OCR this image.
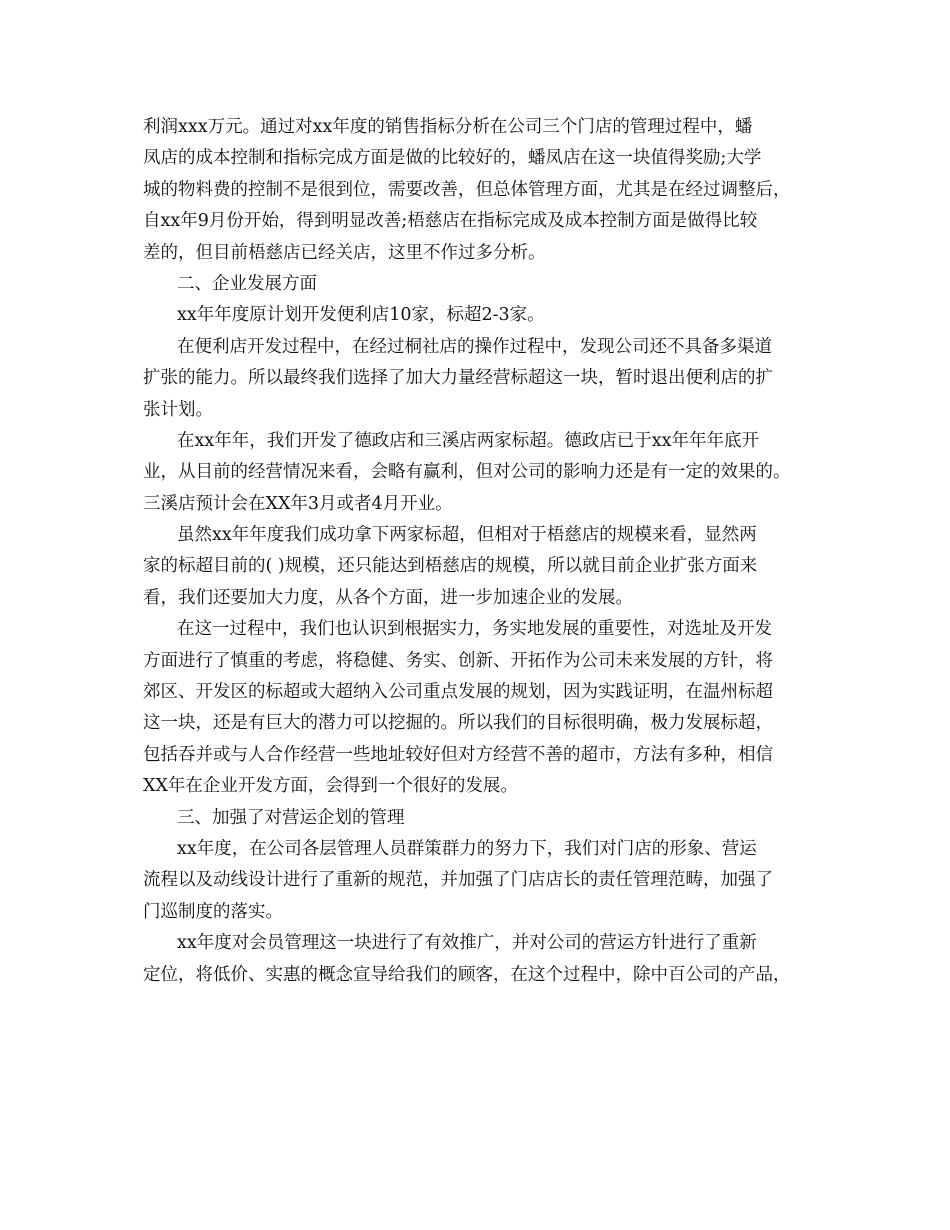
利润xxx万元。通过对xx年度的销售指标分析在公司三个门店的管理过程中，蟠
凤店的成本控制和指标完成方面是做的比较好的，蟠凤店在这一块值得奖励;大学
城的物料费的控制不是很到位，需要改善，但总体管理方面，尤其是在经过调整后，
自xx年9月份开始，得到明显改善;梧慈店在指标完成及成本控制方面是做得比较
差的，但目前梧慈店已经关店，这里不作过多分析。
二、企业发展方面
xx年年度原计划开发便利店10家，标超2-3家。
在便利店开发过程中，在经过桐社店的操作过程中，发现公司还不具备多渠道
扩张的能力。所以最终我们选择了加大力量经营标超这一块，暂时退出便利店的扩
张计划。
在xx年年，我们开发了德政店和三溪店两家标超。德政店已于xx年年年底开
业，从目前的经营情况来看，会略有赢利，但对公司的影响力还是有一定的效果的。
三溪店预计会在XX年3月或者4月开业。
虽然xx年年度我们成功拿下两家标超，但相对于梧慈店的规模来看，显然两
家的标超目前的( )规模，还只能达到梧慈店的规模，所以就目前企业扩张方面来
看，我们还要加大力度，从各个方面，进一步加速企业的发展。
在这一过程中，我们也认识到根据实力，务实地发展的重要性，对选址及开发
方面进行了慎重的考虑，将稳健、务实、创新、开拓作为公司未来发展的方针，将
郊区、开发区的标超或大超纳入公司重点发展的规划，因为实践证明，在温州标超
这一块，还是有巨大的潜力可以挖掘的。所以我们的目标很明确，极力发展标超，
包括吞并或与人合作经营一些地址较好但对方经营不善的超市，方法有多种，相信
XX年在企业开发方面，会得到一个很好的发展。
三、加强了对营运企划的管理
xx年度，在公司各层管理人员群策群力的努力下，我们对门店的形象、营运
流程以及动线设计进行了重新的规范，并加强了门店店长的责任管理范畴，加强了
门巡制度的落实。
xx年度对会员管理这一块进行了有效推广，并对公司的营运方针进行了重新
定位，将低价、实惠的概念宣导给我们的顾客，在这个过程中，除中百公司的产品，
